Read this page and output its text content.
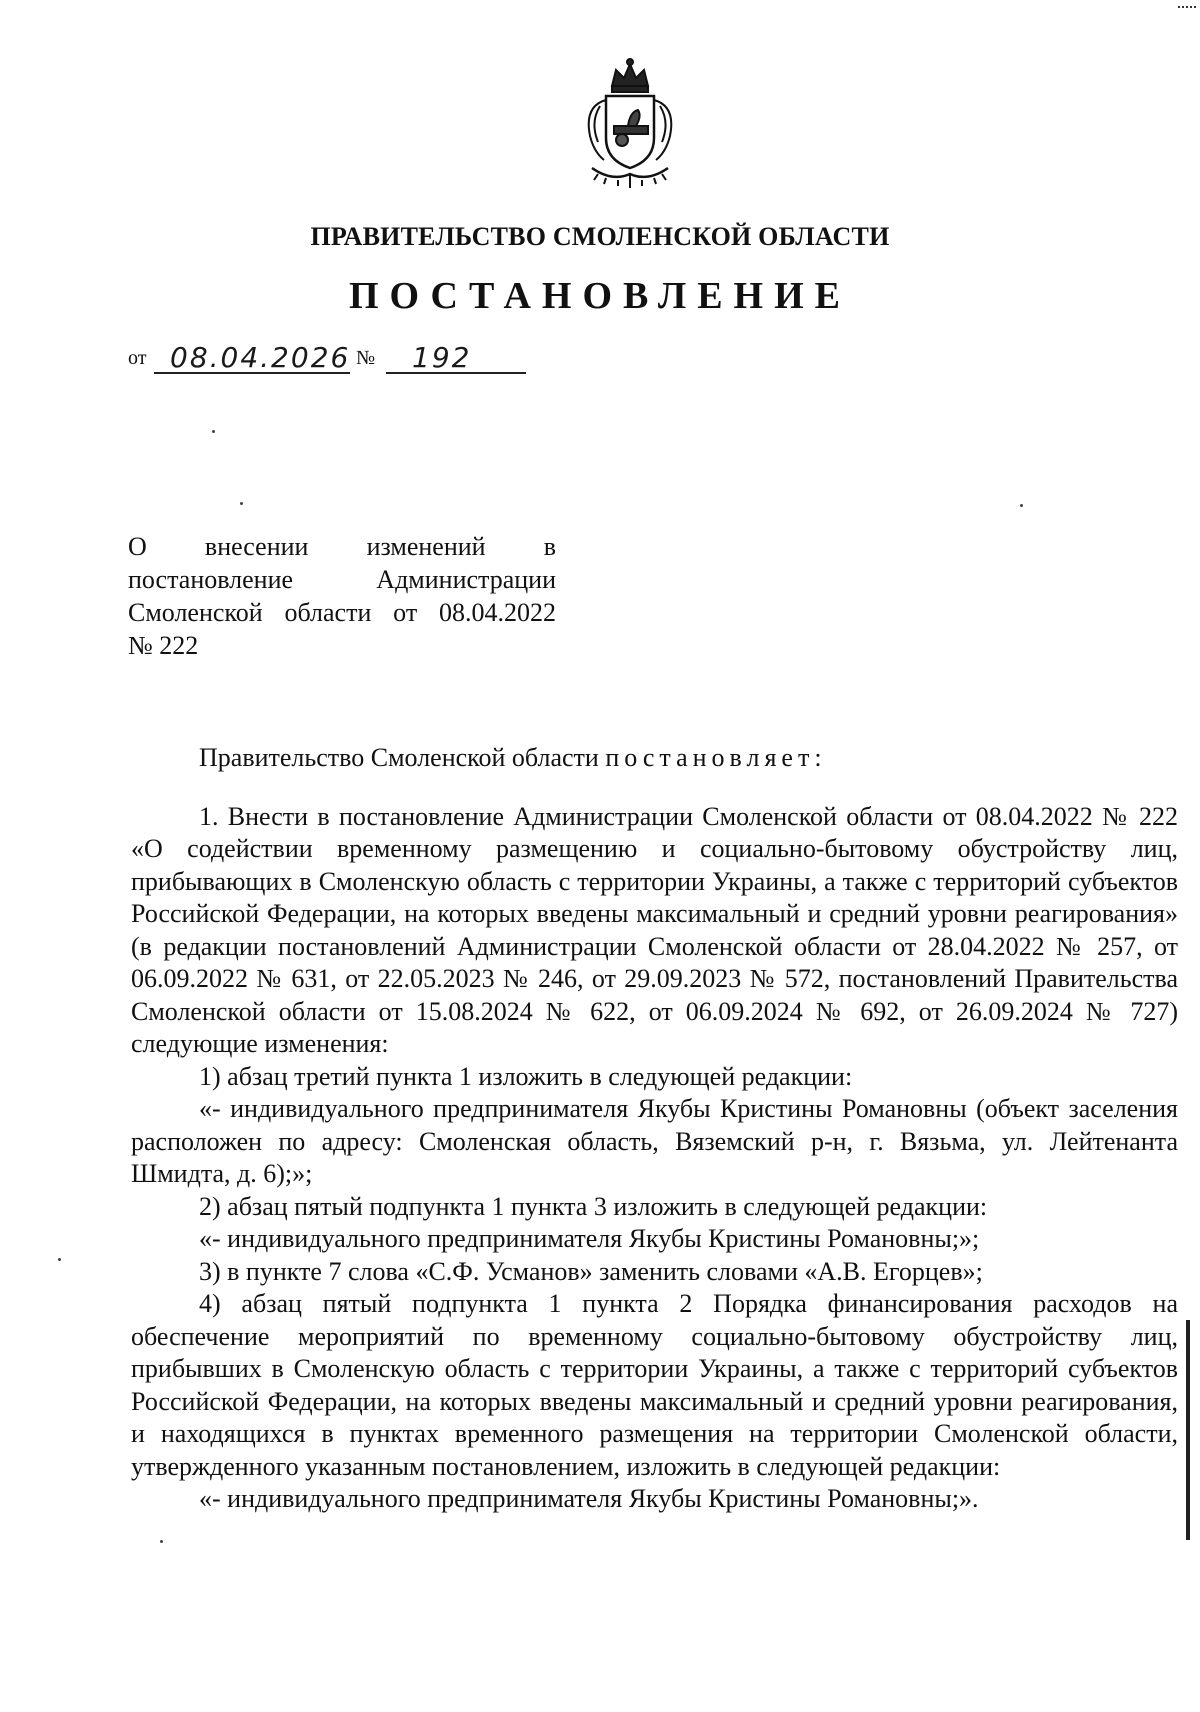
ПРАВИТЕЛЬСТВО СМОЛЕНСКОЙ ОБЛАСТИ
ПОСТАНОВЛЕНИЕ
от 08.04.2026 № 192
О внесении изменений в постановление Администрации Смоленской области от 08.04.2022
№ 222

Правительство Смоленской области постановляет:

1. Внести в постановление Администрации Смоленской области от 08.04.2022 № 222 «О содействии временному размещению и социально-бытовому обустройству лиц, прибывающих в Смоленскую область с территории Украины, а также с территорий субъектов Российской Федерации, на которых введены максимальный и средний уровни реагирования» (в редакции постановлений Администрации Смоленской области от 28.04.2022 № 257, от 06.09.2022 № 631, от 22.05.2023 № 246, от 29.09.2023 № 572, постановлений Правительства Смоленской области от 15.08.2024 № 622, от 06.09.2024 № 692, от 26.09.2024 № 727) следующие изменения:

1) абзац третий пункта 1 изложить в следующей редакции:

«- индивидуального предпринимателя Якубы Кристины Романовны (объект заселения расположен по адресу: Смоленская область, Вяземский р-н, г. Вязьма, ул. Лейтенанта Шмидта, д. 6);»;

2) абзац пятый подпункта 1 пункта 3 изложить в следующей редакции:

«- индивидуального предпринимателя Якубы Кристины Романовны;»;

3) в пункте 7 слова «С.Ф. Усманов» заменить словами «А.В. Егорцев»;

4) абзац пятый подпункта 1 пункта 2 Порядка финансирования расходов на обеспечение мероприятий по временному социально-бытовому обустройству лиц, прибывших в Смоленскую область с территории Украины, а также с территорий субъектов Российской Федерации, на которых введены максимальный и средний уровни реагирования, и находящихся в пунктах временного размещения на территории Смоленской области, утвержденного указанным постановлением, изложить в следующей редакции:

«- индивидуального предпринимателя Якубы Кристины Романовны;».
